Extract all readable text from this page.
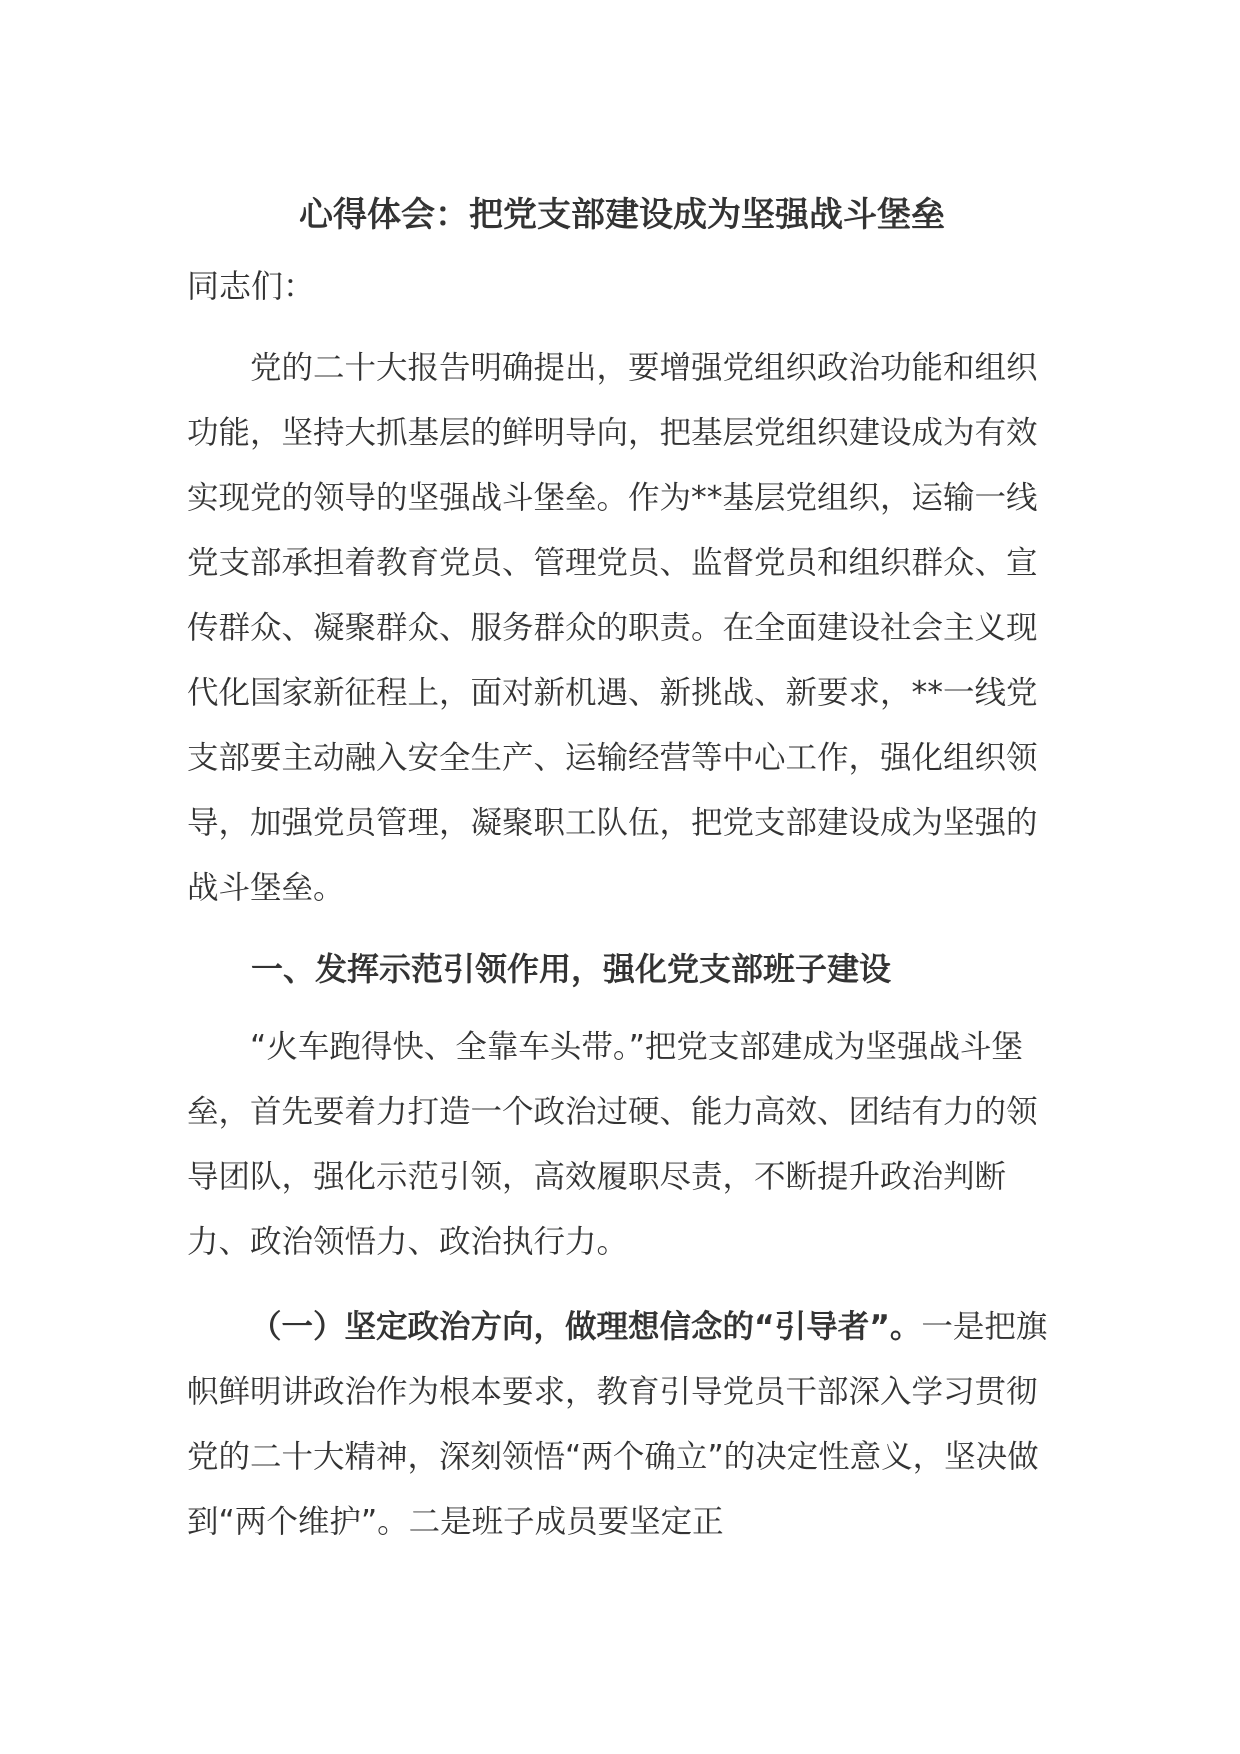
心得体会：把党支部建设成为坚强战斗堡垒

同志们：

党的二十大报告明确提出，要增强党组织政治功能和组织功能，坚持大抓基层的鲜明导向，把基层党组织建设成为有效实现党的领导的坚强战斗堡垒。作为**基层党组织，运输一线党支部承担着教育党员、管理党员、监督党员和组织群众、宣传群众、凝聚群众、服务群众的职责。在全面建设社会主义现代化国家新征程上，面对新机遇、新挑战、新要求，**一线党支部要主动融入安全生产、运输经营等中心工作，强化组织领导，加强党员管理，凝聚职工队伍，把党支部建设成为坚强的战斗堡垒。

一、发挥示范引领作用，强化党支部班子建设

“火车跑得快、全靠车头带。”把党支部建成为坚强战斗堡垒，首先要着力打造一个政治过硬、能力高效、团结有力的领导团队，强化示范引领，高效履职尽责，不断提升政治判断力、政治领悟力、政治执行力。

（一）坚定政治方向，做理想信念的“引导者”。一是把旗帜鲜明讲政治作为根本要求，教育引导党员干部深入学习贯彻党的二十大精神，深刻领悟“两个确立”的决定性意义，坚决做到“两个维护”。二是班子成员要坚定正
